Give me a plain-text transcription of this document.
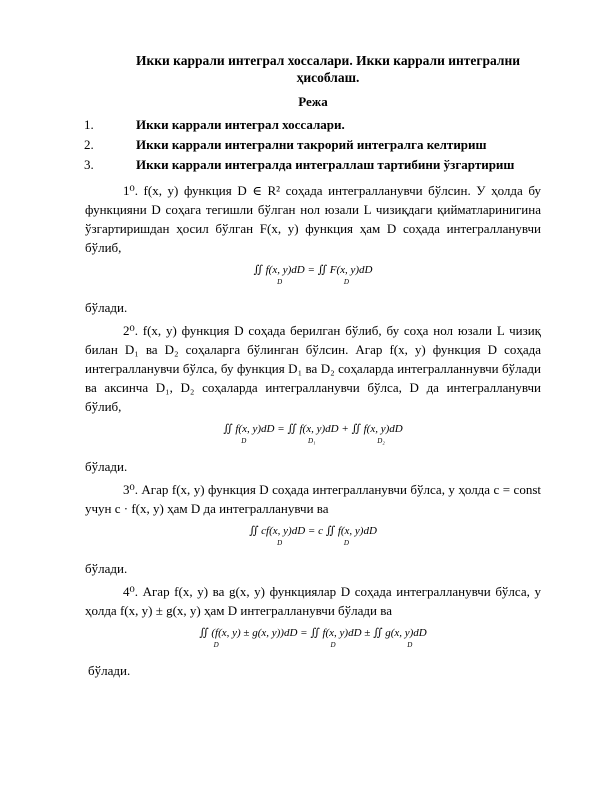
Икки каррали интеграл хоссалари. Икки каррали интегрални
ҳисоблаш.
Режа
1.	Икки каррали интеграл хоссалари.
2.	Икки каррали интегрални такрорий интегралга келтириш
3.	Икки каррали интегралда интеграллаш тартибини ўзгартириш

1⁰. f(x, y) функция D ∈ R² соҳада интегралланувчи бўлсин. У ҳолда бу функцияни D соҳага тегишли бўлган нол юзали L чизиқдаги қийматларинигина ўзгартиришдан ҳосил бўлган F(x, y) функция ҳам D соҳада интегралланувчи бўлиб,

∬ f(x, y)dD = ∬ F(x, y)dD
D	D

бўлади.

2⁰. f(x, y) функция D соҳада берилган бўлиб, бу соҳа нол юзали L чизиқ билан D₁ ва D₂ соҳаларга бўлинган бўлсин. Агар f(x, y) функция D соҳада интегралланувчи бўлса, бу функция D₁ ва D₂ соҳаларда интегралланнувчи бўлади ва аксинча D₁, D₂ соҳаларда интегралланувчи бўлса, D да интегралланувчи бўлиб,

∬ f(x, y)dD = ∬ f(x, y)dD + ∬ f(x, y)dD
D	D₁	D₂

бўлади.

3⁰. Агар f(x, y) функция D соҳада интегралланувчи бўлса, у ҳолда c = const учун c · f(x, y) ҳам D да интегралланувчи ва

∬ cf(x, y)dD = c ∬ f(x, y)dD
D	D

бўлади.

4⁰. Агар f(x, y) ва g(x, y) функциялар D соҳада интегралланувчи бўлса, у ҳолда f(x, y) ± g(x, y) ҳам D интегралланувчи бўлади ва

∬ (f(x, y) ± g(x, y))dD = ∬ f(x, y)dD ± ∬ g(x, y)dD
D	D	D

бўлади.
